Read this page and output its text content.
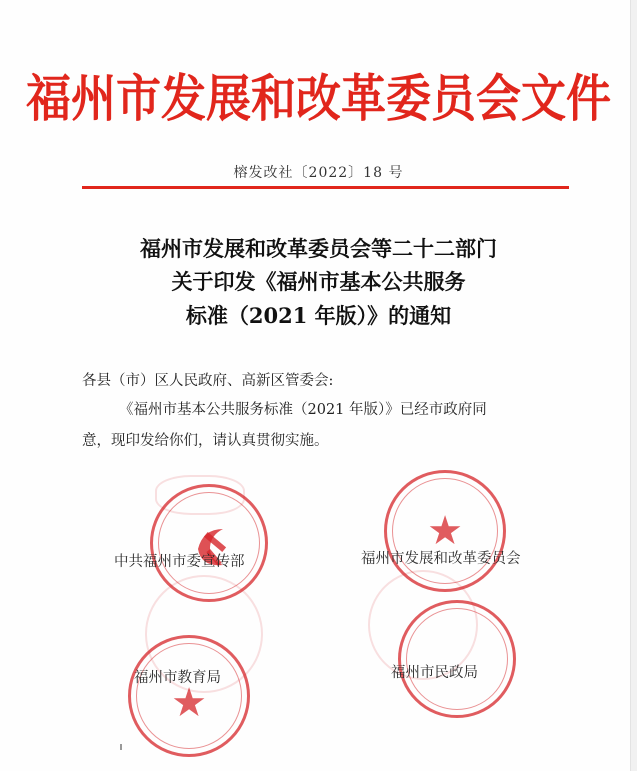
福州市发展和改革委员会文件
榕发改社〔2022〕18 号
福州市发展和改革委员会等二十二部门
关于印发《福州市基本公共服务
标准（2021 年版）》的通知
各县（市）区人民政府、高新区管委会:
《福州市基本公共服务标准（2021 年版）》已经市政府同
意，现印发给你们，请认真贯彻实施。
★
★
中共福州市委宣传部	福州市发展和改革委员会
福州市教育局	福州市民政局
